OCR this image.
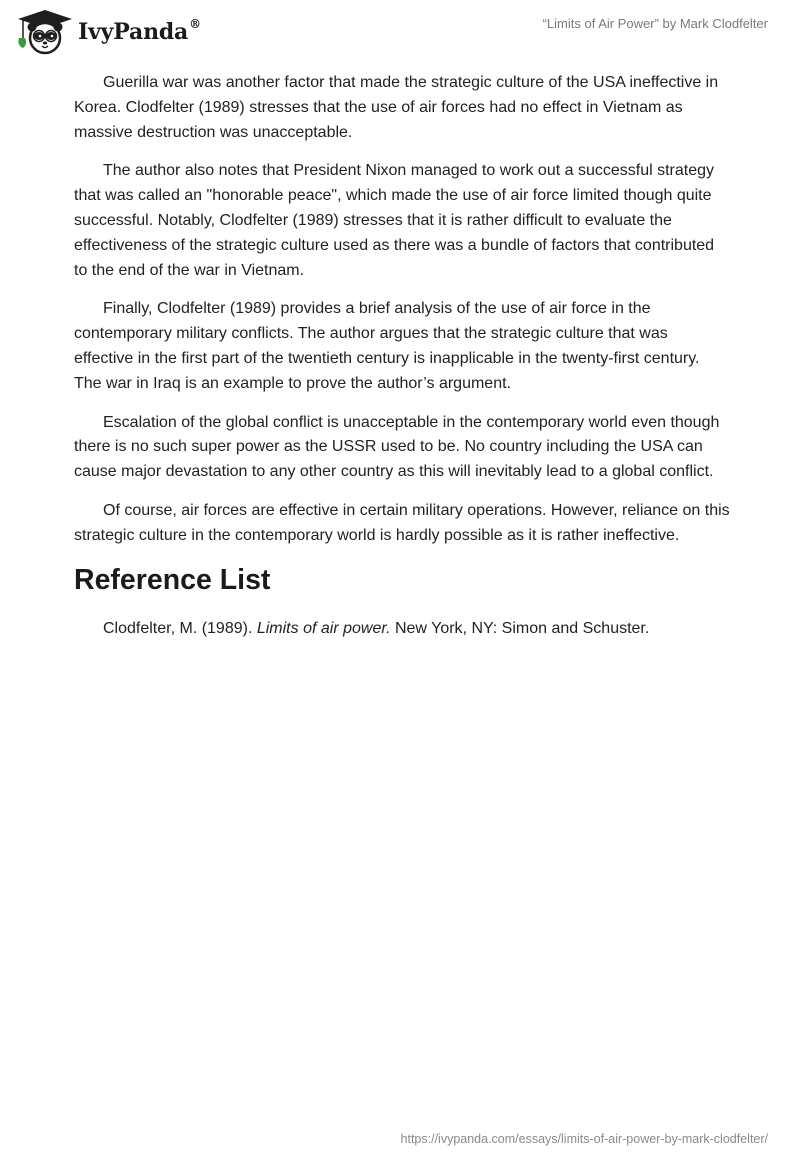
IvyPanda®	“Limits of Air Power” by Mark Clodfelter

Guerilla war was another factor that made the strategic culture of the USA ineffective in Korea. Clodfelter (1989) stresses that the use of air forces had no effect in Vietnam as massive destruction was unacceptable.

The author also notes that President Nixon managed to work out a successful strategy that was called an "honorable peace", which made the use of air force limited though quite successful. Notably, Clodfelter (1989) stresses that it is rather difficult to evaluate the effectiveness of the strategic culture used as there was a bundle of factors that contributed to the end of the war in Vietnam.

Finally, Clodfelter (1989) provides a brief analysis of the use of air force in the contemporary military conflicts. The author argues that the strategic culture that was effective in the first part of the twentieth century is inapplicable in the twenty-first century. The war in Iraq is an example to prove the author’s argument.

Escalation of the global conflict is unacceptable in the contemporary world even though there is no such super power as the USSR used to be. No country including the USA can cause major devastation to any other country as this will inevitably lead to a global conflict.

Of course, air forces are effective in certain military operations. However, reliance on this strategic culture in the contemporary world is hardly possible as it is rather ineffective.

Reference List

Clodfelter, M. (1989). Limits of air power. New York, NY: Simon and Schuster.

https://ivypanda.com/essays/limits-of-air-power-by-mark-clodfelter/
